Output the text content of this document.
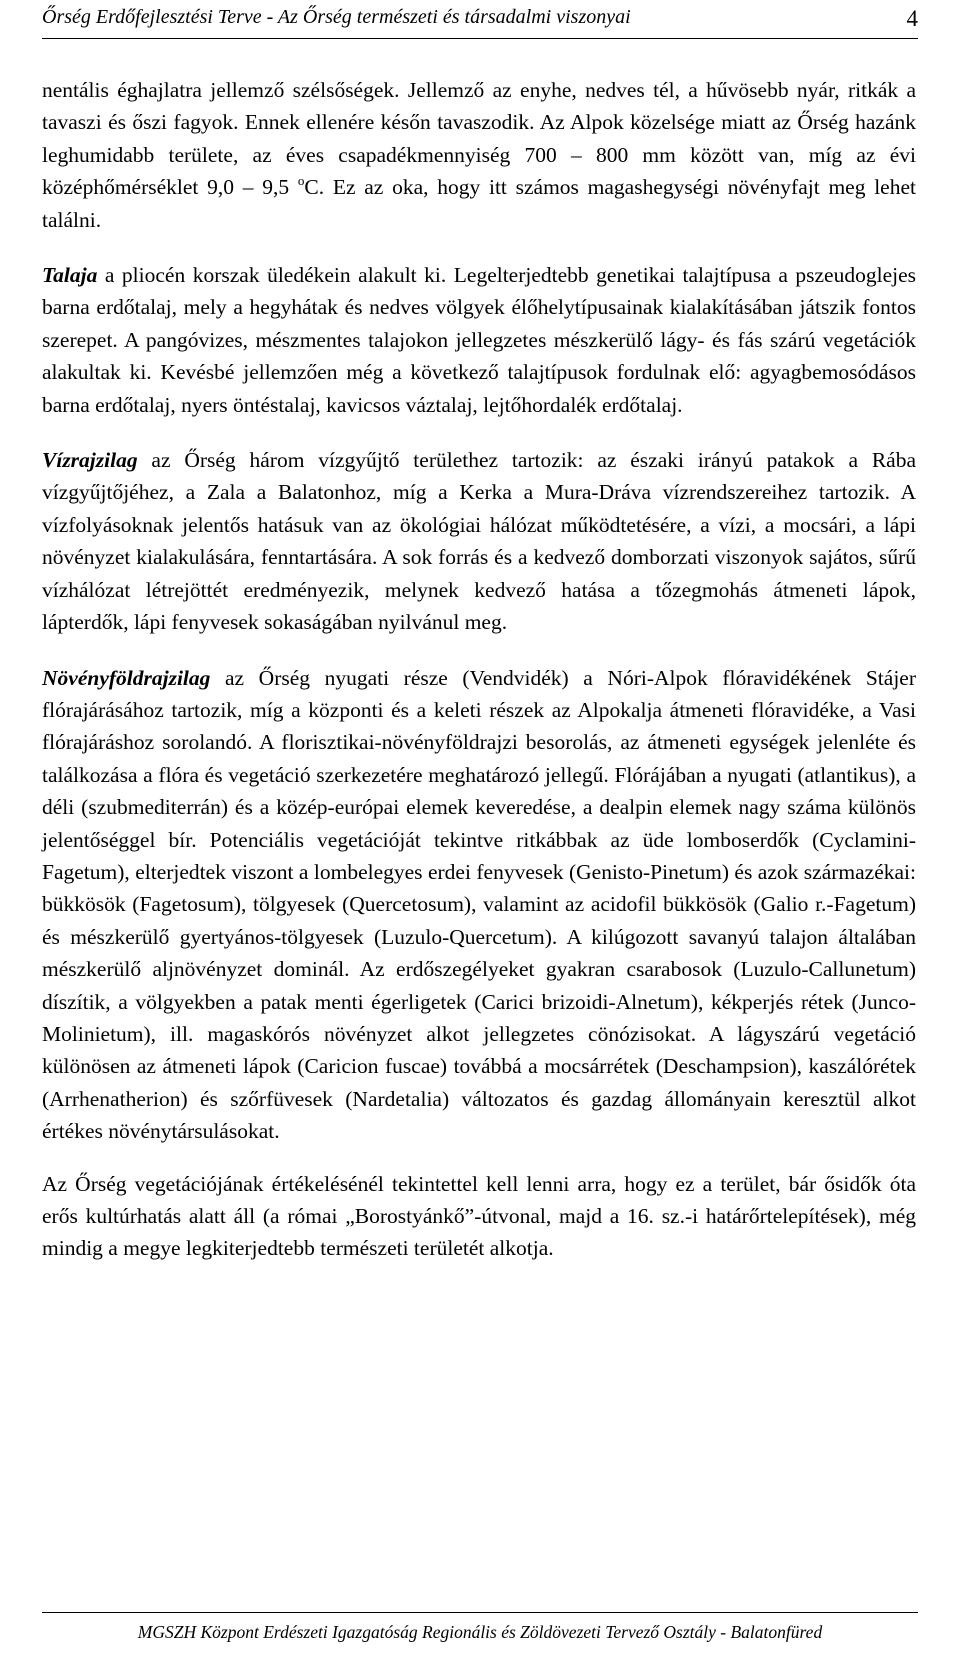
Őrség Erdőfejlesztési Terve - Az Őrség természeti és társadalmi viszonyai	4

nentális éghajlatra jellemző szélsőségek. Jellemző az enyhe, nedves tél, a hűvösebb nyár, ritkák a tavaszi és őszi fagyok. Ennek ellenére későn tavaszodik. Az Alpok közelsége miatt az Őrség hazánk leghumidabb területe, az éves csapadékmennyiség 700 – 800 mm között van, míg az évi középhőmérséklet 9,0 – 9,5 $^o$C. Ez az oka, hogy itt számos magashegységi növényfajt meg lehet találni.

Talaja a pliocén korszak üledékein alakult ki. Legelterjedtebb genetikai talajtípusa a pszeudoglejes barna erdőtalaj, mely a hegyhátak és nedves völgyek élőhelytípusainak kialakításában játszik fontos szerepet. A pangóvizes, mészmentes talajokon jellegzetes mészkerülő lágy- és fás szárú vegetációk alakultak ki. Kevésbé jellemzően még a következő talajtípusok fordulnak elő: agyagbemosódásos barna erdőtalaj, nyers öntéstalaj, kavicsos váztalaj, lejtőhordalék erdőtalaj.

Vízrajzilag az Őrség három vízgyűjtő területhez tartozik: az északi irányú patakok a Rába vízgyűjtőjéhez, a Zala a Balatonhoz, míg a Kerka a Mura-Dráva vízrendszereihez tartozik. A vízfolyásoknak jelentős hatásuk van az ökológiai hálózat működtetésére, a vízi, a mocsári, a lápi növényzet kialakulására, fenntartására. A sok forrás és a kedvező domborzati viszonyok sajátos, sűrű vízhálózat létrejöttét eredményezik, melynek kedvező hatása a tőzegmohás átmeneti lápok, lápterdők, lápi fenyvesek sokaságában nyilvánul meg.

Növényföldrajzilag az Őrség nyugati része (Vendvidék) a Nóri-Alpok flóravidékének Stájer flórajárásához tartozik, míg a központi és a keleti részek az Alpokalja átmeneti flóravidéke, a Vasi flórajáráshoz sorolandó. A florisztikai-növényföldrajzi besorolás, az átmeneti egységek jelenléte és találkozása a flóra és vegetáció szerkezetére meghatározó jellegű. Flórájában a nyugati (atlantikus), a déli (szubmediterrán) és a közép-európai elemek keveredése, a dealpin elemek nagy száma különös jelentőséggel bír. Potenciális vegetációját tekintve ritkábbak az üde lomboserdők (Cyclamini-Fagetum), elterjedtek viszont a lombelegyes erdei fenyvesek (Genisto-Pinetum) és azok származékai: bükkösök (Fagetosum), tölgyesek (Quercetosum), valamint az acidofil bükkösök (Galio r.-Fagetum) és mészkerülő gyertyános-tölgyesek (Luzulo-Quercetum). A kilúgozott savanyú talajon általában mészkerülő aljnövényzet dominál. Az erdőszegélyeket gyakran csarabosok (Luzulo-Callunetum) díszítik, a völgyekben a patak menti égerligetek (Carici brizoidi-Alnetum), kékperjés rétek (Junco-Molinietum), ill. magaskórós növényzet alkot jellegzetes cönózisokat. A lágyszárú vegetáció különösen az átmeneti lápok (Caricion fuscae) továbbá a mocsárrétek (Deschampsion), kaszálórétek (Arrhenatherion) és szőrfüvesek (Nardetalia) változatos és gazdag állományain keresztül alkot értékes növénytársulásokat.

Az Őrség vegetációjának értékelésénél tekintettel kell lenni arra, hogy ez a terület, bár ősidők óta erős kultúrhatás alatt áll (a római „Borostyánkő”-útvonal, majd a 16. sz.-i határőrtelepítések), még mindig a megye legkiterjedtebb természeti területét alkotja.

MGSZH Központ Erdészeti Igazgatóság Regionális és Zöldövezeti Tervező Osztály - Balatonfüred
